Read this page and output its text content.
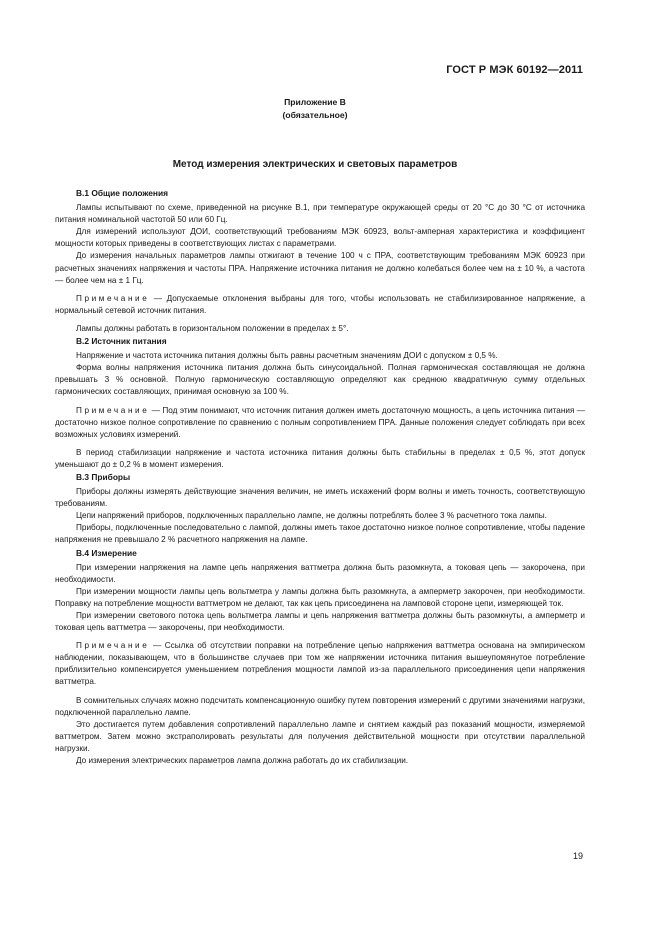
ГОСТ Р МЭК 60192—2011
Приложение В
(обязательное)
Метод измерения электрических и световых параметров
В.1 Общие положения

Лампы испытывают по схеме, приведенной на рисунке В.1, при температуре окружающей среды от 20 °С до 30 °С от источника питания номинальной частотой 50 или 60 Гц.

Для измерений используют ДОИ, соответствующий требованиям МЭК 60923, вольт-амперная характеристика и коэффициент мощности которых приведены в соответствующих листах с параметрами.

До измерения начальных параметров лампы отжигают в течение 100 ч с ПРА, соответствующим требованиям МЭК 60923 при расчетных значениях напряжения и частоты ПРА. Напряжение источника питания не должно колебаться более чем на ± 10 %, а частота — более чем на ± 1 Гц.

Примечание — Допускаемые отклонения выбраны для того, чтобы использовать не стабилизированное напряжение, а нормальный сетевой источник питания.

Лампы должны работать в горизонтальном положении в пределах ± 5°.

В.2 Источник питания

Напряжение и частота источника питания должны быть равны расчетным значениям ДОИ с допуском ± 0,5 %.

Форма волны напряжения источника питания должна быть синусоидальной. Полная гармоническая составляющая не должна превышать 3 % основной. Полную гармоническую составляющую определяют как среднюю квадратичную сумму отдельных гармонических составляющих, принимая основную за 100 %.

Примечание — Под этим понимают, что источник питания должен иметь достаточную мощность, а цепь источника питания — достаточно низкое полное сопротивление по сравнению с полным сопротивлением ПРА. Данные положения следует соблюдать при всех возможных условиях измерений.

В период стабилизации напряжение и частота источника питания должны быть стабильны в пределах ± 0,5 %, этот допуск уменьшают до ± 0,2 % в момент измерения.

В.3 Приборы

Приборы должны измерять действующие значения величин, не иметь искажений форм волны и иметь точность, соответствующую требованиям.

Цепи напряжений приборов, подключенных параллельно лампе, не должны потреблять более 3 % расчетного тока лампы.

Приборы, подключенные последовательно с лампой, должны иметь такое достаточно низкое полное сопротивление, чтобы падение напряжения не превышало 2 % расчетного напряжения на лампе.

В.4 Измерение

При измерении напряжения на лампе цепь напряжения ваттметра должна быть разомкнута, а токовая цепь — закорочена, при необходимости.

При измерении мощности лампы цепь вольтметра у лампы должна быть разомкнута, а амперметр закорочен, при необходимости. Поправку на потребление мощности ваттметром не делают, так как цепь присоединена на ламповой стороне цепи, измеряющей ток.

При измерении светового потока цепь вольтметра лампы и цепь напряжения ваттметра должны быть разомкнуты, а амперметр и токовая цепь ваттметра — закорочены, при необходимости.

Примечание — Ссылка об отсутствии поправки на потребление цепью напряжения ваттметра основана на эмпирическом наблюдении, показывающем, что в большинстве случаев при том же напряжении источника питания вышеупомянутое потребление приблизительно компенсируется уменьшением потребления мощности лампой из-за параллельного присоединения цепи напряжения ваттметра.

В сомнительных случаях можно подсчитать компенсационную ошибку путем повторения измерений с другими значениями нагрузки, подключенной параллельно лампе.

Это достигается путем добавления сопротивлений параллельно лампе и снятием каждый раз показаний мощности, измеряемой ваттметром. Затем можно экстраполировать результаты для получения действительной мощности при отсутствии параллельной нагрузки.

До измерения электрических параметров лампа должна работать до их стабилизации.

19
